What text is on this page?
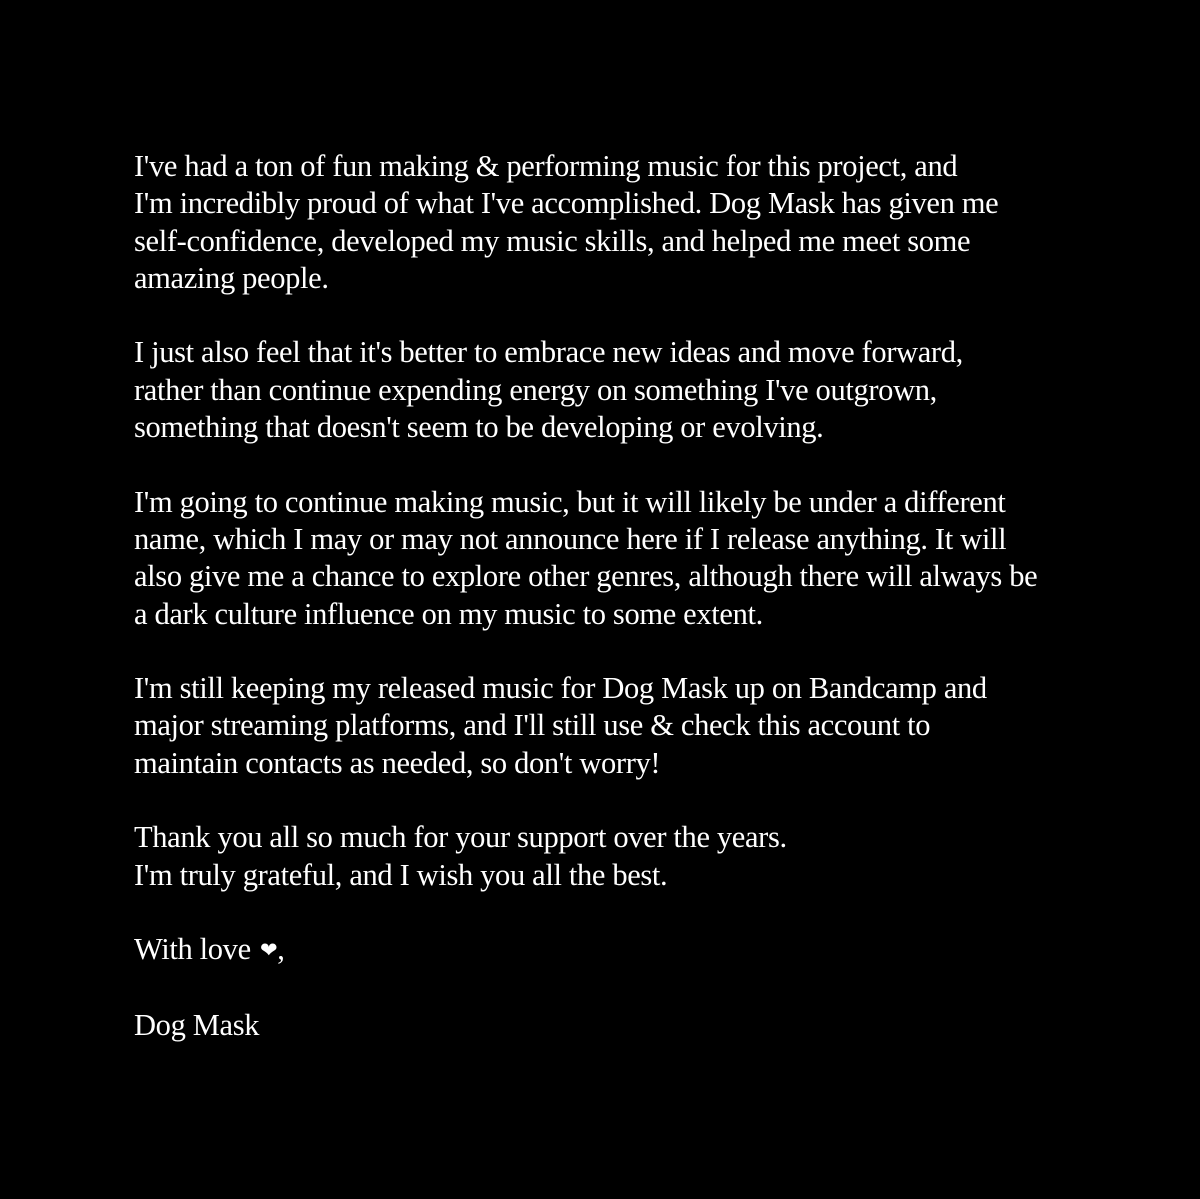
I've had a ton of fun making & performing music for this project, and
I'm incredibly proud of what I've accomplished. Dog Mask has given me
self-confidence, developed my music skills, and helped me meet some
amazing people.

I just also feel that it's better to embrace new ideas and move forward,
rather than continue expending energy on something I've outgrown,
something that doesn't seem to be developing or evolving.

I'm going to continue making music, but it will likely be under a different
name, which I may or may not announce here if I release anything. It will
also give me a chance to explore other genres, although there will always be
a dark culture influence on my music to some extent.

I'm still keeping my released music for Dog Mask up on Bandcamp and
major streaming platforms, and I'll still use & check this account to
maintain contacts as needed, so don't worry!

Thank you all so much for your support over the years.
I'm truly grateful, and I wish you all the best.

With love ❤,

Dog Mask
